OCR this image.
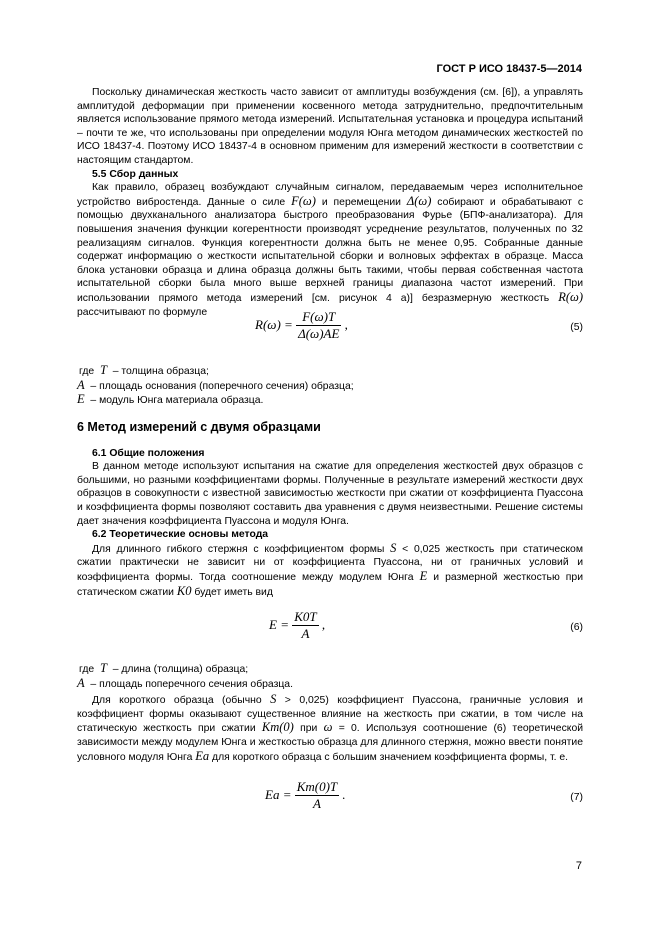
ГОСТ Р ИСО 18437-5—2014

Поскольку динамическая жесткость часто зависит от амплитуды возбуждения (см. [6]), а управлять амплитудой деформации при применении косвенного метода затруднительно, предпочтительным является использование прямого метода измерений. Испытательная установка и процедура испытаний – почти те же, что использованы при определении модуля Юнга методом динамических жесткостей по ИСО 18437-4. Поэтому ИСО 18437-4 в основном применим для измерений жесткости в соответствии с настоящим стандартом.

5.5 Сбор данных

Как правило, образец возбуждают случайным сигналом, передаваемым через исполнительное устройство вибростенда. Данные о силе F(ω) и перемещении Δ(ω) собирают и обрабатывают с помощью двухканального анализатора быстрого преобразования Фурье (БПФ-анализатора). Для повышения значения функции когерентности производят усреднение результатов, полученных по 32 реализациям сигналов. Функция когерентности должна быть не менее 0,95. Собранные данные содержат информацию о жесткости испытательной сборки и волновых эффектах в образце. Масса блока установки образца и длина образца должны быть такими, чтобы первая собственная частота испытательной сборки была много выше верхней границы диапазона частот измерений. При использовании прямого метода измерений [см. рисунок 4 а)] безразмерную жесткость R(ω) рассчитывают по формуле

$R(\omega) = \frac{F(\omega)T}{\Delta(\omega)AE}$ ,	(5)

где T – толщина образца;

A – площадь основания (поперечного сечения) образца;

E – модуль Юнга материала образца.

6 Метод измерений с двумя образцами

6.1 Общие положения

В данном методе используют испытания на сжатие для определения жесткостей двух образцов с большими, но разными коэффициентами формы. Полученные в результате измерений жесткости двух образцов в совокупности с известной зависимостью жесткости при сжатии от коэффициента Пуассона и коэффициента формы позволяют составить два уравнения с двумя неизвестными. Решение системы дает значения коэффициента Пуассона и модуля Юнга.

6.2 Теоретические основы метода

Для длинного гибкого стержня с коэффициентом формы S < 0,025 жесткость при статическом сжатии практически не зависит ни от коэффициента Пуассона, ни от граничных условий и коэффициента формы. Тогда соотношение между модулем Юнга E и размерной жесткостью при статическом сжатии K0 будет иметь вид

$E = \frac{K0T}{A}$ ,	(6)

где T – длина (толщина) образца;

A – площадь поперечного сечения образца.

Для короткого образца (обычно S > 0,025) коэффициент Пуассона, граничные условия и коэффициент формы оказывают существенное влияние на жесткость при сжатии, в том числе на статическую жесткость при сжатии Km(0) при ω = 0. Используя соотношение (6) теоретической зависимости между модулем Юнга и жесткостью образца для длинного стержня, можно ввести понятие условного модуля Юнга Ea для короткого образца с большим значением коэффициента формы, т. е.

$Ea = \frac{Km(0)T}{A}$ .	(7)
7
